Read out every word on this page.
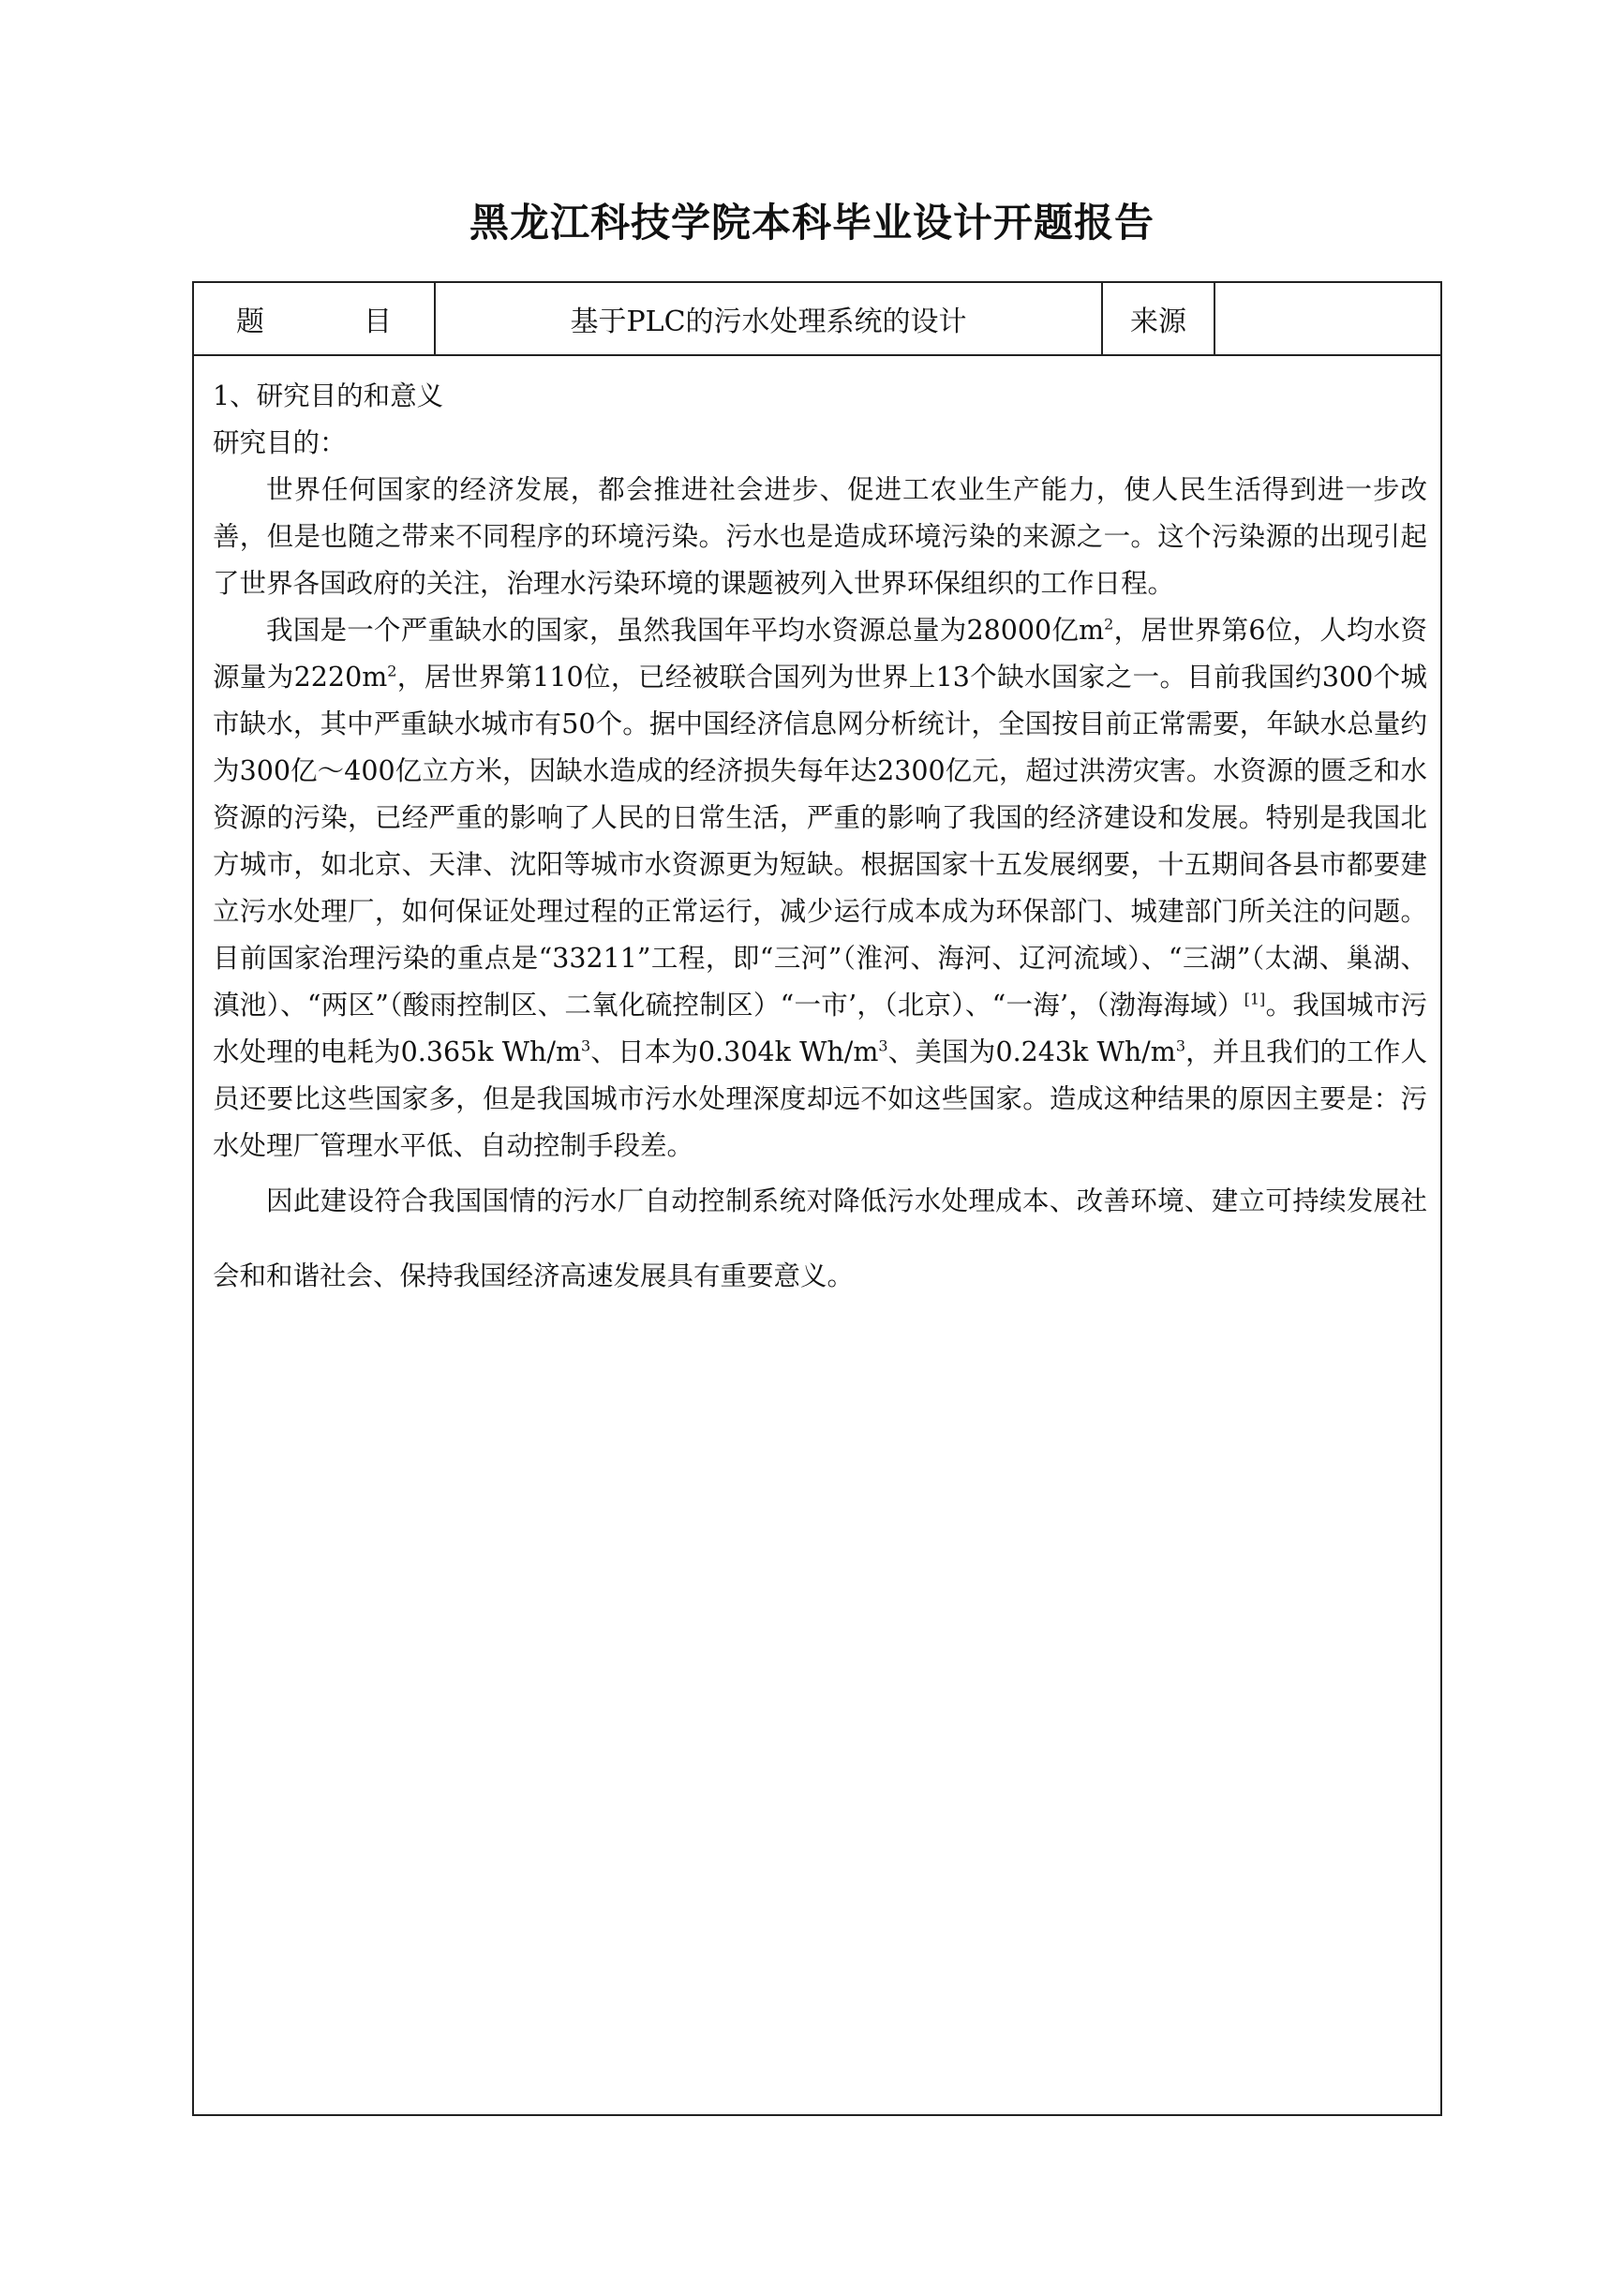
黑龙江科技学院本科毕业设计开题报告
题　目	基于PLC的污水处理系统的设计	来源

1、研究目的和意义

研究目的：

世界任何国家的经济发展，都会推进社会进步、促进工农业生产能力，使人民生活得到进一步改善，但是也随之带来不同程序的环境污染。污水也是造成环境污染的来源之一。这个污染源的出现引起了世界各国政府的关注，治理水污染环境的课题被列入世界环保组织的工作日程。

我国是一个严重缺水的国家，虽然我国年平均水资源总量为28000亿$m^2$，居世界第6位，人均水资源量为$2220m^2$，居世界第110位，已经被联合国列为世界上13个缺水国家之一。目前我国约300个城市缺水，其中严重缺水城市有50个。据中国经济信息网分析统计，全国按目前正常需要，年缺水总量约为300亿～400亿立方米，因缺水造成的经济损失每年达2300亿元，超过洪涝灾害。水资源的匮乏和水资源的污染，已经严重的影响了人民的日常生活，严重的影响了我国的经济建设和发展。特别是我国北方城市，如北京、天津、沈阳等城市水资源更为短缺。根据国家十五发展纲要，十五期间各县市都要建立污水处理厂，如何保证处理过程的正常运行，减少运行成本成为环保部门、城建部门所关注的问题。目前国家治理污染的重点是“33211”工程，即“三河”（淮河、海河、辽河流域）、“三湖”（太湖、巢湖、滇池）、“两区”（酸雨控制区、二氧化硫控制区）“一市’，（北京）、“一海’，（渤海海域）[1]。我国城市污水处理的电耗为0.365k $Wh/m^3$、日本为0.304k $Wh/m^3$、美国为0.243k $Wh/m^3$，并且我们的工作人员还要比这些国家多，但是我国城市污水处理深度却远不如这些国家。造成这种结果的原因主要是：污水处理厂管理水平低、自动控制手段差。

因此建设符合我国国情的污水厂自动控制系统对降低污水处理成本、改善环境、建立可持续发展社会和和谐社会、保持我国经济高速发展具有重要意义。
